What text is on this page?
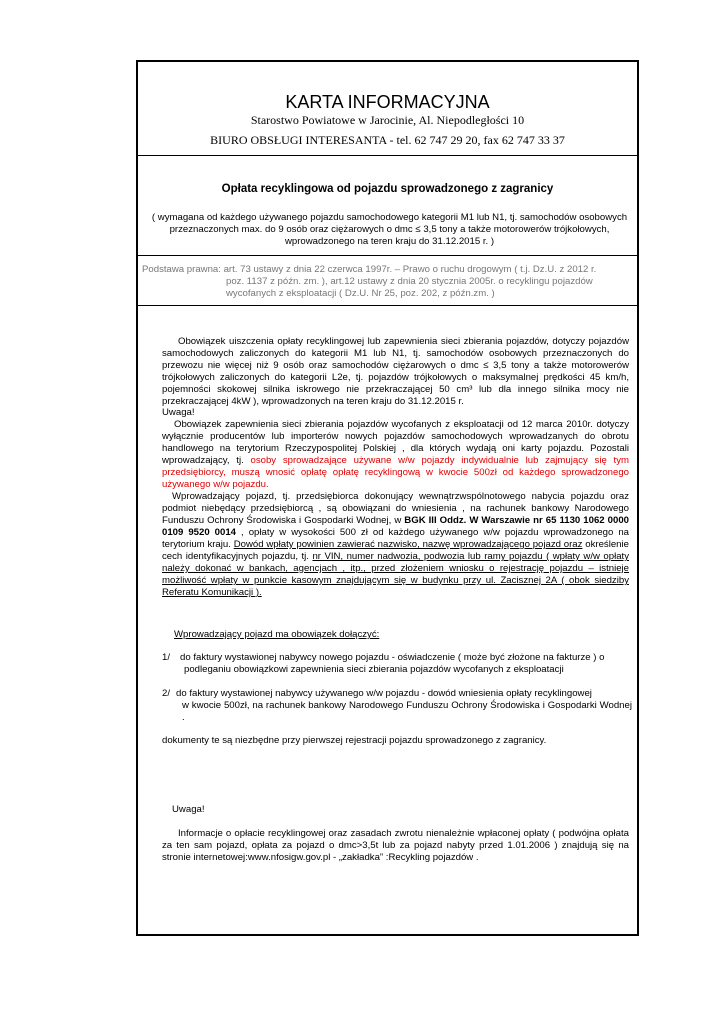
KARTA INFORMACYJNA
Starostwo Powiatowe w Jarocinie, Al. Niepodległości 10
BIURO OBSŁUGI INTERESANTA - tel. 62 747 29 20, fax 62 747 33 37
Opłata recyklingowa od pojazdu sprowadzonego z zagranicy
( wymagana od każdego używanego pojazdu samochodowego kategorii M1 lub N1, tj. samochodów osobowych
przeznaczonych max. do 9 osób oraz ciężarowych o dmc ≤ 3,5 tony a także motorowerów trójkołowych,
wprowadzonego na teren kraju do 31.12.2015 r. )
Podstawa prawna: art. 73 ustawy z dnia 22 czerwca 1997r. – Prawo o ruchu drogowym ( t.j. Dz.U. z 2012 r.
poz. 1137 z późn. zm. ), art.12 ustawy z dnia 20 stycznia 2005r. o recyklingu pojazdów
wycofanych z eksploatacji ( Dz.U. Nr 25, poz. 202, z późn.zm. )
Obowiązek uiszczenia opłaty recyklingowej lub zapewnienia sieci zbierania pojazdów, dotyczy pojazdów samochodowych zaliczonych do kategorii M1 lub N1, tj. samochodów osobowych przeznaczonych do przewozu nie więcej niż 9 osób oraz samochodów ciężarowych o dmc ≤ 3,5 tony a także motorowerów trójkołowych zaliczonych do kategorii L2e, tj. pojazdów trójkołowych o maksymalnej prędkości 45 km/h, pojemności skokowej silnika iskrowego nie przekraczającej 50 cm³ lub dla innego silnika mocy nie przekraczającej 4kW ), wprowadzonych na teren kraju do 31.12.2015 r.
Uwaga!
Obowiązek zapewnienia sieci zbierania pojazdów wycofanych z eksploatacji od 12 marca 2010r. dotyczy wyłącznie producentów lub importerów nowych pojazdów samochodowych wprowadzanych do obrotu handlowego na terytorium Rzeczypospolitej Polskiej , dla których wydają oni karty pojazdu. Pozostali wprowadzający, tj. osoby sprowadzające używane w/w pojazdy indywidualnie lub zajmujący się tym przedsiębiorcy, muszą wnosić opłatę opłatę recyklingową w kwocie 500zł od każdego sprowadzonego używanego w/w pojazdu.
Wprowadzający pojazd, tj. przedsiębiorca dokonujący wewnątrzwspólnotowego nabycia pojazdu oraz podmiot niebędący przedsiębiorcą , są obowiązani do wniesienia , na rachunek bankowy Narodowego Funduszu Ochrony Środowiska i Gospodarki Wodnej, w BGK III Oddz. W Warszawie nr 65 1130 1062 0000 0109 9520 0014 , opłaty w wysokości 500 zł od każdego używanego w/w pojazdu wprowadzonego na terytorium kraju. Dowód wpłaty powinien zawierać nazwisko, nazwę wprowadzającego pojazd oraz określenie cech identyfikacyjnych pojazdu, tj. nr VIN, numer nadwozia, podwozia lub ramy pojazdu ( wpłaty w/w opłaty należy dokonać w bankach, agencjach , itp., przed złożeniem wniosku o rejestrację pojazdu – istnieje możliwość wpłaty w punkcie kasowym znajdującym się w budynku przy ul. Zacisznej 2A ( obok siedziby Referatu Komunikacji ).
Wprowadzający pojazd ma obowiązek dołączyć:
1/ do faktury wystawionej nabywcy nowego pojazdu - oświadczenie ( może być złożone na fakturze ) o
podleganiu obowiązkowi zapewnienia sieci zbierania pojazdów wycofanych z eksploatacji
2/ do faktury wystawionej nabywcy używanego w/w pojazdu - dowód wniesienia opłaty recyklingowej
w kwocie 500zł, na rachunek bankowy Narodowego Funduszu Ochrony Środowiska i Gospodarki Wodnej .
dokumenty te są niezbędne przy pierwszej rejestracji pojazdu sprowadzonego z zagranicy.
Uwaga!
Informacje o opłacie recyklingowej oraz zasadach zwrotu nienależnie wpłaconej opłaty ( podwójna opłata za ten sam pojazd, opłata za pojazd o dmc>3,5t lub za pojazd nabyty przed 1.01.2006 ) znajdują się na stronie internetowej:www.nfosigw.gov.pl - „zakładka” :Recykling pojazdów .
